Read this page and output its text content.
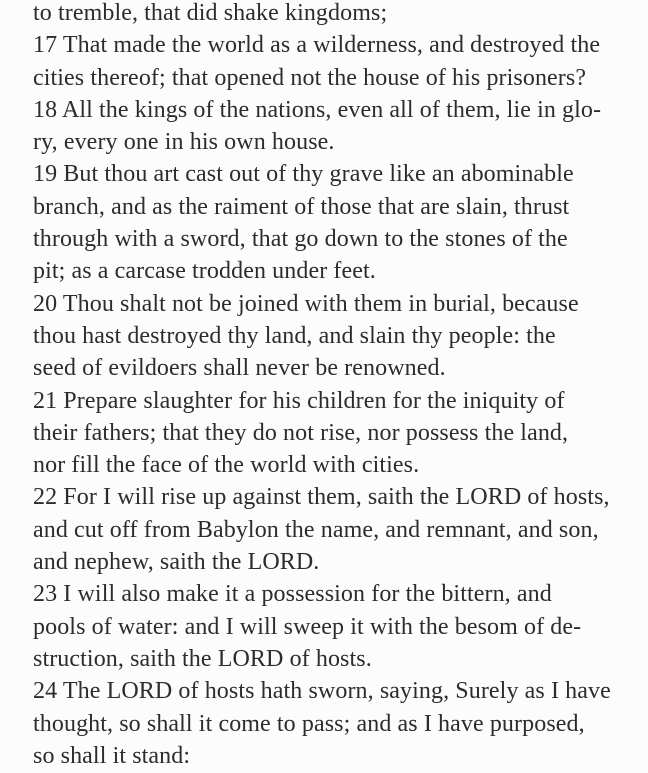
to tremble, that did shake kingdoms;
17 That made the world as a wilderness, and destroyed the
cities thereof; that opened not the house of his prisoners?
18 All the kings of the nations, even all of them, lie in glo-
ry, every one in his own house.
19 But thou art cast out of thy grave like an abominable
branch, and as the raiment of those that are slain, thrust
through with a sword, that go down to the stones of the
pit; as a carcase trodden under feet.
20 Thou shalt not be joined with them in burial, because
thou hast destroyed thy land, and slain thy people: the
seed of evildoers shall never be renowned.
21 Prepare slaughter for his children for the iniquity of
their fathers; that they do not rise, nor possess the land,
nor fill the face of the world with cities.
22 For I will rise up against them, saith the LORD of hosts,
and cut off from Babylon the name, and remnant, and son,
and nephew, saith the LORD.
23 I will also make it a possession for the bittern, and
pools of water: and I will sweep it with the besom of de-
struction, saith the LORD of hosts.
24 The LORD of hosts hath sworn, saying, Surely as I have
thought, so shall it come to pass; and as I have purposed,
so shall it stand:
